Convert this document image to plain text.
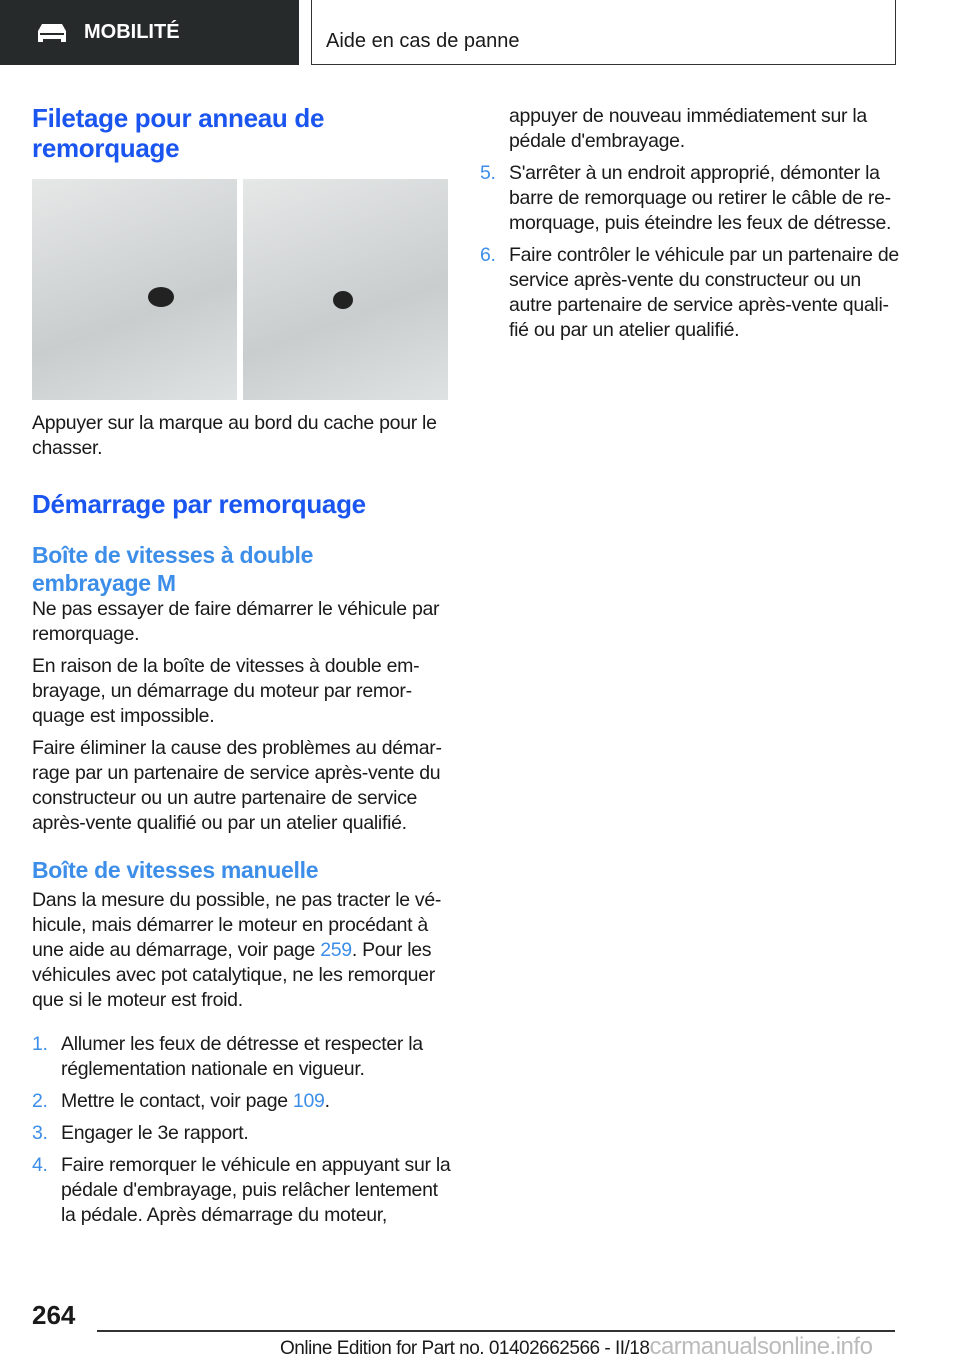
MOBILITÉ	Aide en cas de panne
Filetage pour anneau de remorquage

Appuyer sur la marque au bord du cache pour le chasser.

Démarrage par remorquage
Boîte de vitesses à double embrayage M

Ne pas essayer de faire démarrer le véhicule par remorquage.

En raison de la boîte de vitesses à double embrayage, un démarrage du moteur par remorquage est impossible.

Faire éliminer la cause des problèmes au démarrage par un partenaire de service après-vente du constructeur ou un autre partenaire de service après-vente qualifié ou par un atelier qualifié.

Boîte de vitesses manuelle

Dans la mesure du possible, ne pas tracter le véhicule, mais démarrer le moteur en procédant à une aide au démarrage, voir page 259. Pour les véhicules avec pot catalytique, ne les remorquer que si le moteur est froid.

1. Allumer les feux de détresse et respecter la réglementation nationale en vigueur.
2. Mettre le contact, voir page 109.
3. Engager le 3e rapport.
4. Faire remorquer le véhicule en appuyant sur la pédale d'embrayage, puis relâcher lentement la pédale. Après démarrage du moteur,

appuyer de nouveau immédiatement sur la pédale d'embrayage.

5. S'arrêter à un endroit approprié, démonter la barre de remorquage ou retirer le câble de remorquage, puis éteindre les feux de détresse.
6. Faire contrôler le véhicule par un partenaire de service après-vente du constructeur ou un autre partenaire de service après-vente qualifié ou par un atelier qualifié.
264
Online Edition for Part no. 01402662566 - II/18carmanualsonline.info
